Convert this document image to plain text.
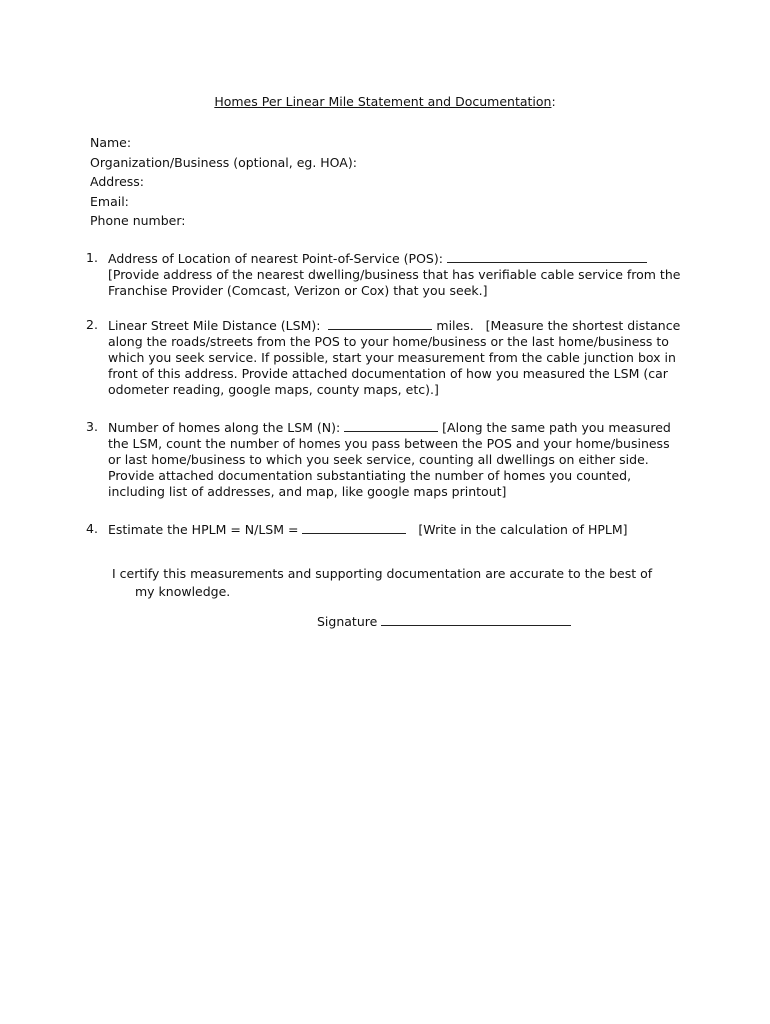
Homes Per Linear Mile Statement and Documentation:
Name:
Organization/Business (optional, eg. HOA):
Address:
Email:
Phone number:
1. Address of Location of nearest Point-of-Service (POS):
[Provide address of the nearest dwelling/business that has verifiable cable service from the Franchise Provider (Comcast, Verizon or Cox) that you seek.]
2. Linear Street Mile Distance (LSM):	miles. [Measure the shortest distance along the roads/streets from the POS to your home/business or the last home/business to which you seek service. If possible, start your measurement from the cable junction box in front of this address. Provide attached documentation of how you measured the LSM (car odometer reading, google maps, county maps, etc).]
3. Number of homes along the LSM (N):	[Along the same path you measured the LSM, count the number of homes you pass between the POS and your home/business or last home/business to which you seek service, counting all dwellings on either side. Provide attached documentation substantiating the number of homes you counted, including list of addresses, and map, like google maps printout]
4. Estimate the HPLM = N/LSM =	[Write in the calculation of HPLM]
I certify this measurements and supporting documentation are accurate to the best of
my knowledge.
Signature
